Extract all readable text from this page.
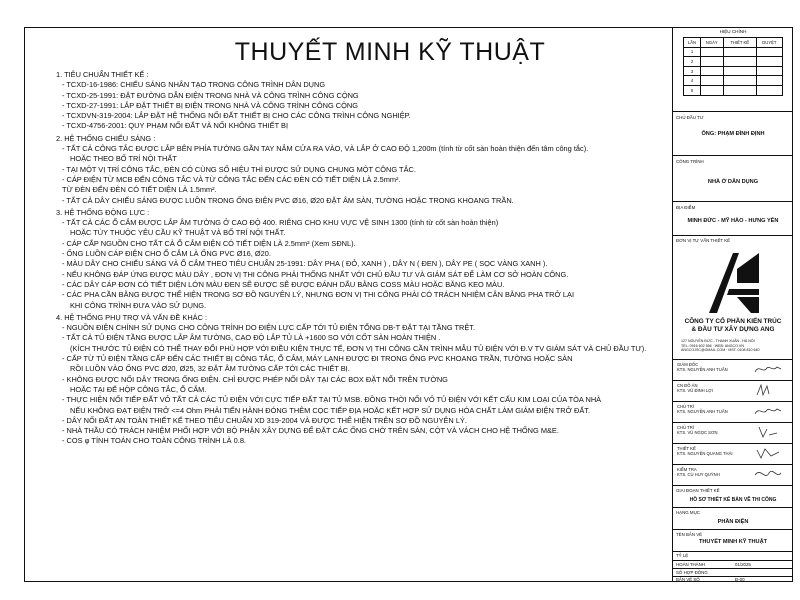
THUYẾT MINH KỸ THUẬT
1. TIÊU CHUẨN THIẾT KẾ :
- TCXD-16-1986: CHIẾU SÁNG NHÂN TẠO TRONG CÔNG TRÌNH DÂN DỤNG
- TCXD-25-1991: ĐẶT ĐƯỜNG DẪN ĐIỆN TRONG NHÀ VÀ CÔNG TRÌNH CÔNG CỘNG
- TCXD-27-1991: LẮP ĐẶT THIẾT BỊ ĐIỆN TRONG NHÀ VÀ CÔNG TRÌNH CÔNG CỘNG
- TCXDVN-319-2004: LẮP ĐẶT HỆ THỐNG NỐI ĐẤT THIẾT BỊ CHO CÁC CÔNG TRÌNH CÔNG NGHIỆP.
- TCXD-4756-2001: QUY PHẠM NỐI ĐẤT VÀ NỐI KHÔNG THIẾT BỊ
2. HỆ THỐNG CHIẾU SÁNG :
- TẤT CẢ CÔNG TẮC ĐƯỢC LẮP BÊN PHÍA TƯỜNG GẦN TAY NẮM CỬA RA VÀO, VÀ LẮP Ở CAO ĐỘ 1,200m (tính từ cốt sàn hoàn thiện đến tâm công tắc).
HOẶC THEO BỐ TRÍ NỘI THẤT
- TẠI MỘT VỊ TRÍ CÔNG TẮC, ĐÈN CÓ CÙNG SỐ HIỆU THÌ ĐƯỢC SỬ DỤNG CHUNG MỘT CÔNG TẮC.
- CÁP ĐIỆN TỪ MCB ĐẾN CÔNG TẮC VÀ TỪ CÔNG TẮC ĐẾN CÁC ĐÈN CÓ TIẾT DIỆN LÀ 2.5mm².
TỪ ĐÈN ĐẾN ĐÈN CÓ TIẾT DIỆN LÀ 1.5mm².
- TẤT CẢ DÂY CHIẾU SÁNG ĐƯỢC LUỒN TRONG ỐNG ĐIỆN PVC Ø16, Ø20 ĐẶT ÂM SÀN, TƯỜNG HOẶC TRONG KHOANG TRẦN.
3. HỆ THỐNG ĐỘNG LỰC :
- TẤT CẢ CÁC Ổ CẮM ĐƯỢC LẮP ÂM TƯỜNG Ở CAO ĐỘ 400. RIÊNG CHO KHU VỰC VỆ SINH 1300 (tính từ cốt sàn hoàn thiện)
HOẶC TÙY THUỘC YÊU CẦU KỸ THUẬT VÀ BỐ TRÍ NỘI THẤT.
- CÁP CẤP NGUỒN CHO TẤT CẢ Ổ CẮM ĐIỆN CÓ TIẾT DIỆN LÀ 2.5mm² (Xem SĐNL).
- ỐNG LUỒN CÁP ĐIỆN CHO Ổ CẮM LÀ ỐNG PVC Ø16, Ø20.
- MÀU DÂY CHO CHIẾU SÁNG VÀ Ổ CẮM THEO TIÊU CHUẨN 25-1991: DÂY PHA ( ĐỎ, XANH ) , DÂY N ( ĐEN ), DÂY PE ( SỌC VÀNG XANH ).
- NẾU KHÔNG ĐÁP ỨNG ĐƯỢC MÀU DÂY , ĐƠN VỊ THI CÔNG PHẢI THỐNG NHẤT VỚI CHỦ ĐẦU TƯ VÀ GIÁM SÁT ĐỂ LÀM CƠ SỞ HOÀN CÔNG.
- CÁC DÂY CÁP ĐƠN CÓ TIẾT DIỆN LỚN MÀU ĐEN SẼ ĐƯỢC SẼ ĐƯỢC ĐÁNH DẤU BẰNG COSS MÀU HOẶC BĂNG KEO MÀU.
- CÁC PHA CẦN BẰNG ĐƯỢC THỂ HIỆN TRONG SƠ ĐỒ NGUYÊN LÝ, NHƯNG ĐƠN VỊ THI CÔNG PHẢI CÓ TRÁCH NHIỆM CÂN BẰNG PHA TRỞ LẠI
KHI CÔNG TRÌNH ĐƯA VÀO SỬ DỤNG.
4. HỆ THỐNG PHỤ TRỢ VÀ VẤN ĐỀ KHÁC :
- NGUỒN ĐIỆN CHÍNH SỬ DỤNG CHO CÔNG TRÌNH DO ĐIỆN LỰC CẤP TỚI TỦ ĐIỆN TỔNG DB-T ĐẶT TẠI TẦNG TRỆT.
- TẤT CẢ TỦ ĐIỆN TẦNG ĐƯỢC LẮP ÂM TƯỜNG, CAO ĐỘ LẮP TỦ LÀ +1600 SO VỚI CỐT SÀN HOÀN THIỆN .
(KÍCH THƯỚC TỦ ĐIỆN CÓ THỂ THAY ĐỔI PHÙ HỢP VỚI ĐIỀU KIỆN THỰC TẾ, ĐƠN VỊ THI CÔNG CẦN TRÌNH MẪU TỦ ĐIỆN VỚI Đ.V TV GIÁM SÁT VÀ CHỦ ĐẦU TƯ).
- CẤP TỪ TỦ ĐIỆN TẦNG CẤP ĐẾN CÁC THIẾT BỊ CÔNG TẮC, Ổ CẮM, MÁY LẠNH ĐƯỢC ĐI TRONG ỐNG PVC KHOANG TRẦN, TƯỜNG HOẶC SÀN
RỒI LUỒN VÀO ỐNG PVC Ø20, Ø25, 32 ĐẶT ÂM TƯỜNG CẤP TỚI CÁC THIẾT BỊ.
- KHÔNG ĐƯỢC NỐI DÂY TRONG ỐNG ĐIỆN. CHỈ ĐƯỢC PHÉP NỐI DÂY TẠI CÁC BOX ĐẶT NỔI TRÊN TƯỜNG
HOẶC TẠI ĐẾ HỘP CÔNG TẮC, Ổ CẮM.
- THỰC HIỆN NỐI TIẾP ĐẤT VỎ TẤT CẢ CÁC TỦ ĐIỆN VỚI CỰC TIẾP ĐẤT TẠI TỦ MSB. ĐỒNG THỜI NỐI VỎ TỦ ĐIỆN VỚI KẾT CẤU KIM LOẠI CỦA TÒA NHÀ
NẾU KHÔNG ĐẠT ĐIỆN TRỞ <=4 Ohm PHẢI TIẾN HÀNH ĐÓNG THÊM CỌC TIẾP ĐỊA HOẶC KẾT HỢP SỬ DỤNG HÓA CHẤT LÀM GIẢM ĐIỆN TRỞ ĐẤT.
- DÂY NỐI ĐẤT AN TOÀN THIẾT KẾ THEO TIÊU CHUẨN XD 319-2004 VÀ ĐƯỢC THỂ HIỆN TRÊN SƠ ĐỒ NGUYÊN LÝ.
- NHÀ THẦU CÓ TRÁCH NHIỆM PHỐI HỢP VỚI BỘ PHẬN XÂY DỰNG ĐỂ ĐẶT CÁC ỐNG CHỜ TRÊN SÀN, CỘT VÀ VÁCH CHO HỆ THỐNG M&E.
- COS φ TÍNH TOÁN CHO TOÀN CÔNG TRÌNH LÀ 0.8.
HIỆU CHỈNH
LẦN	NGÀY	THIẾT KẾ	DUYỆT
1			
2			
3			
4			
5			
CHỦ ĐẦU TƯ
ÔNG: PHẠM ĐÌNH ĐỊNH
CÔNG TRÌNH
NHÀ Ở DÂN DỤNG
ĐỊA ĐIỂM
MINH ĐỨC - MỸ HÀO - HƯNG YÊN
ĐƠN VỊ TƯ VẤN THIẾT KẾ
CÔNG TY CỔ PHẦN KIẾN TRÚC
& ĐẦU TƯ XÂY DỰNG ANG
127 NGUYỄN ĐỨC - THANH XUÂN - HÀ NỘI
TEL: 0916 602 556 · WEB: ANGCO.VN
ANGCOJSC@GMAIL.COM · MST: 0108 810 640
GIÁM ĐỐC
KTS. NGUYỄN ANH TUẤN
CN ĐỒ ÁN
KTS. VŨ ĐÌNH LỢI
CHỦ TRÌ
KTS. NGUYỄN ANH TUẤN
CHỦ TRÌ
KTS. VŨ NGỌC SƠN
THIẾT KẾ
KTS. NGUYỄN QUANG THÁI
KIỂM TRA
KTS. CÙ HUY QUỲNH
GIAI ĐOẠN THIẾT KẾ
HỒ SƠ THIẾT KẾ BẢN VẼ THI CÔNG
HẠNG MỤC
PHẦN ĐIỆN
TÊN BẢN VẼ
THUYẾT MINH KỸ THUẬT
TỶ LỆ
HOÀN THÀNH	01/2025
SỐ HỢP ĐỒNG
BẢN VẼ SỐ	Đ-00
